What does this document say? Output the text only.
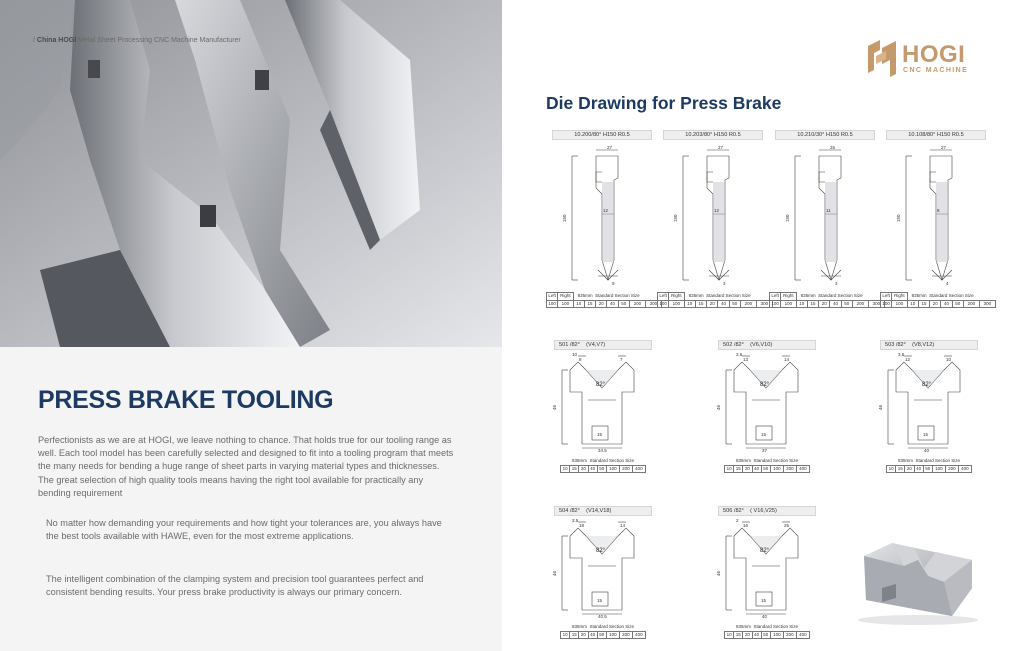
/ China HOGI Metal Sheet Processing CNC Machine Manufacturer
PRESS BRAKE TOOLING

Perfectionists as we are at HOGI, we leave nothing to chance. That holds true for our tooling range as well. Each tool model has been carefully selected and designed to fit into a tooling program that meets the many needs for bending a huge range of sheet parts in varying material types and thicknesses. The great selection of high quality tools means having the right tool available for practically any bending requirement

No matter how demanding your requirements and how tight your tolerances are, you always have the best tools available with HAWE, even for the most extreme applications.

The intelligent combination of the clamping system and precision tool guarantees perfect and consistent bending results. Your press brake productivity is always our primary concern.

HOGI
CNC MACHINE
Die Drawing for Press Brake
10.200/80° H150 R0.5
27
150
12
9
Left	Right	835mm Standard Section Size						
100	100	10	15	20	40	50	200	300
10.203/80° H150 R0.5
27
150
12
3
Left	Right	835mm Standard Section Size						
100	100	10	15	20	40	50	200	300
10.210/30° H150 R0.5
26
150
11
3
Left	Right	835mm Standard Section Size						
100	100	10	15	20	40	50	200	300
10.108/80° H150 R0.5
27
150
8
4
Left	Right	835mm Standard Section Size						
100	100	10	15	20	40	50	200	300
501 /82° (V4,V7)
82°
10
8	7
46
34.5
15
835mm Standard Section Size
10	15	20	40	50	100	200	400
502 /82° (V6,V10)
82°
3.5
13	14
46
37
15
835mm Standard Section Size
10	15	20	40	50	100	200	400
503 /82° (V8,V12)
82°
3.5
12	10
46
40
15
835mm Standard Section Size
10	15	20	40	50	100	200	400
504 /82° (V14,V18)
82°
3.5
18	14
46
40.5
15
835mm Standard Section Size
10	15	20	40	50	100	200	400
506 /82° ( V16,V25)
82°
2
16	25
46
40
15
835mm Standard Section Size
10	15	20	40	50	100	200	400
